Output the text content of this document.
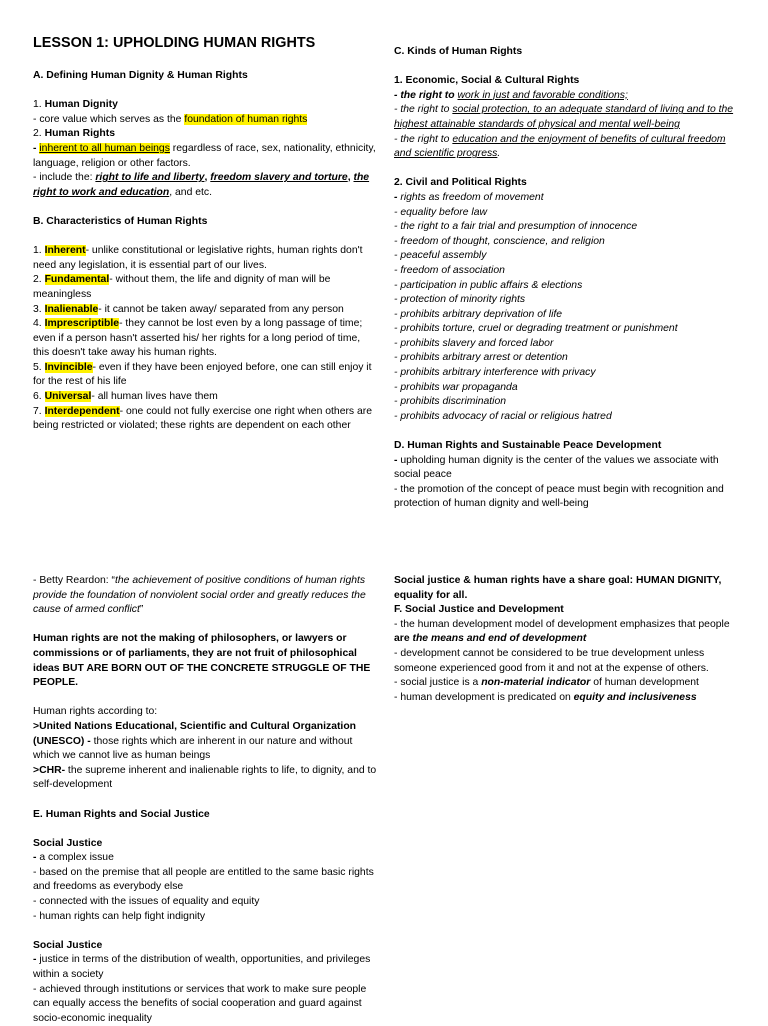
LESSON 1: UPHOLDING HUMAN RIGHTS
A. Defining Human Dignity & Human Rights

1. Human Dignity

- core value which serves as the foundation of human rights

2. Human Rights

- inherent to all human beings regardless of race, sex, nationality, ethnicity, language, religion or other factors.

- include the: right to life and liberty, freedom slavery and torture, the right to work and education, and etc.

B. Characteristics of Human Rights

1. Inherent- unlike constitutional or legislative rights, human rights don't need any legislation, it is essential part of our lives.

2. Fundamental- without them, the life and dignity of man will be meaningless

3. Inalienable- it cannot be taken away/ separated from any person

4. Imprescriptible- they cannot be lost even by a long passage of time; even if a person hasn't asserted his/ her rights for a long period of time, this doesn't take away his human rights.

5. Invincible- even if they have been enjoyed before, one can still enjoy it for the rest of his life

6. Universal- all human lives have them

7. Interdependent- one could not fully exercise one right when others are being restricted or violated; these rights are dependent on each other

C. Kinds of Human Rights
1. Economic, Social & Cultural Rights

- the right to work in just and favorable conditions;

- the right to social protection, to an adequate standard of living and to the highest attainable standards of physical and mental well-being

- the right to education and the enjoyment of benefits of cultural freedom and scientific progress.

2. Civil and Political Rights

- rights as freedom of movement

- equality before law

- the right to a fair trial and presumption of innocence

- freedom of thought, conscience, and religion

- peaceful assembly

- freedom of association

- participation in public affairs & elections

- protection of minority rights

- prohibits arbitrary deprivation of life

- prohibits torture, cruel or degrading treatment or punishment

- prohibits slavery and forced labor

- prohibits arbitrary arrest or detention

- prohibits arbitrary interference with privacy

- prohibits war propaganda

- prohibits discrimination

- prohibits advocacy of racial or religious hatred

D. Human Rights and Sustainable Peace Development

- upholding human dignity is the center of the values we associate with social peace

- the promotion of the concept of peace must begin with recognition and protection of human dignity and well-being

- Betty Reardon: “the achievement of positive conditions of human rights provide the foundation of nonviolent social order and greatly reduces the cause of armed conflict”

Human rights are not the making of philosophers, or lawyers or commissions or of parliaments, they are not fruit of philosophical ideas BUT ARE BORN OUT OF THE CONCRETE STRUGGLE OF THE PEOPLE.

Human rights according to:

>United Nations Educational, Scientific and Cultural Organization (UNESCO) - those rights which are inherent in our nature and without which we cannot live as human beings

>CHR- the supreme inherent and inalienable rights to life, to dignity, and to self-development

E. Human Rights and Social Justice
Social Justice

- a complex issue

- based on the premise that all people are entitled to the same basic rights and freedoms as everybody else

- connected with the issues of equality and equity

- human rights can help fight indignity

Social Justice

- justice in terms of the distribution of wealth, opportunities, and privileges within a society

- achieved through institutions or services that work to make sure people can equally access the benefits of social cooperation and guard against socio-economic inequality

Social justice & human rights have a share goal: HUMAN DIGNITY, equality for all.

F. Social Justice and Development

- the human development model of development emphasizes that people are the means and end of development

- development cannot be considered to be true development unless someone experienced good from it and not at the expense of others.

- social justice is a non-material indicator of human development

- human development is predicated on equity and inclusiveness
